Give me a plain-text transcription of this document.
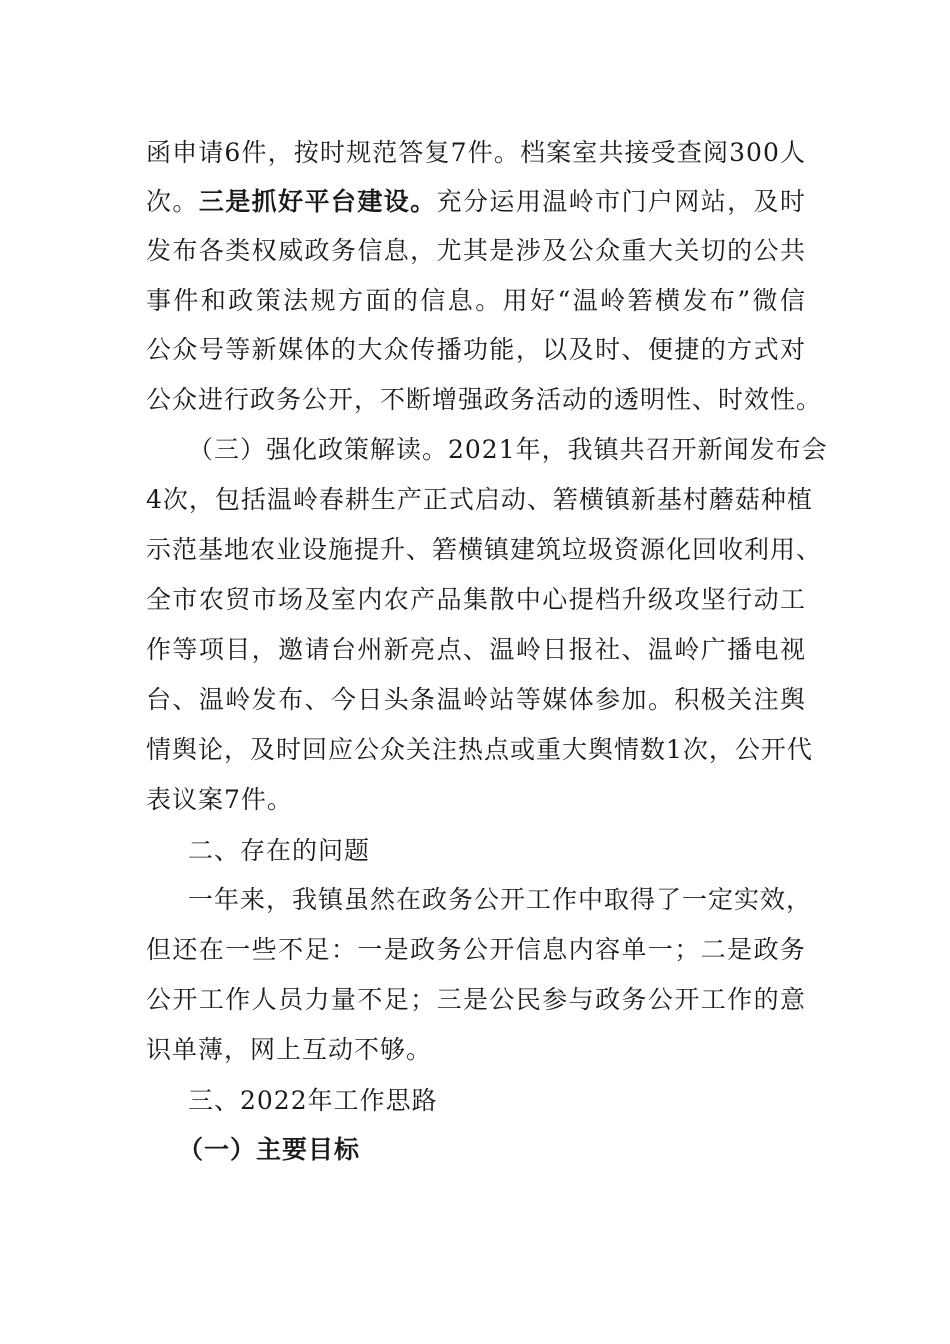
函申请6件，按时规范答复7件。档案室共接受查阅300人
次。三是抓好平台建设。充分运用温岭市门户网站，及时
发布各类权威政务信息，尤其是涉及公众重大关切的公共
事件和政策法规方面的信息。用好“温岭箬横发布”微信
公众号等新媒体的大众传播功能，以及时、便捷的方式对
公众进行政务公开，不断增强政务活动的透明性、时效性。
（三）强化政策解读。2021年，我镇共召开新闻发布会
4次，包括温岭春耕生产正式启动、箬横镇新基村蘑菇种植
示范基地农业设施提升、箬横镇建筑垃圾资源化回收利用、
全市农贸市场及室内农产品集散中心提档升级攻坚行动工
作等项目，邀请台州新亮点、温岭日报社、温岭广播电视
台、温岭发布、今日头条温岭站等媒体参加。积极关注舆
情舆论，及时回应公众关注热点或重大舆情数1次，公开代
表议案7件。
二、存在的问题
一年来，我镇虽然在政务公开工作中取得了一定实效，
但还在一些不足：一是政务公开信息内容单一；二是政务
公开工作人员力量不足；三是公民参与政务公开工作的意
识单薄，网上互动不够。
三、2022年工作思路
（一）主要目标
